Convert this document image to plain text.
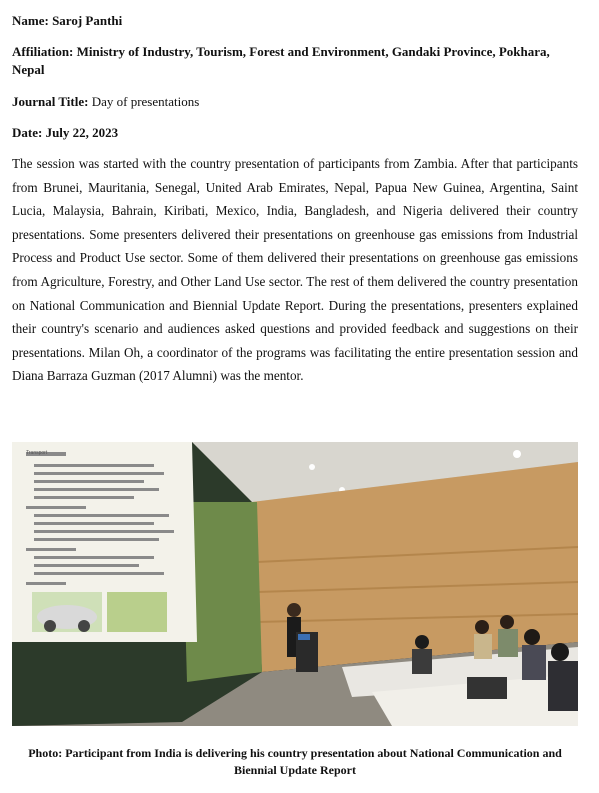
Name: Saroj Panthi
Affiliation: Ministry of Industry, Tourism, Forest and Environment, Gandaki Province, Pokhara, Nepal
Journal Title: Day of presentations
Date: July 22, 2023
The session was started with the country presentation of participants from Zambia. After that participants from Brunei, Mauritania, Senegal, United Arab Emirates, Nepal, Papua New Guinea, Argentina, Saint Lucia, Malaysia, Bahrain, Kiribati, Mexico, India, Bangladesh, and Nigeria delivered their country presentations. Some presenters delivered their presentations on greenhouse gas emissions from Industrial Process and Product Use sector. Some of them delivered their presentations on greenhouse gas emissions from Agriculture, Forestry, and Other Land Use sector. The rest of them delivered the country presentation on National Communication and Biennial Update Report. During the presentations, presenters explained their country's scenario and audiences asked questions and provided feedback and suggestions on their presentations. Milan Oh, a coordinator of the programs was facilitating the entire presentation session and Diana Barraza Guzman (2017 Alumni) was the mentor.
Transport
Photo: Participant from India is delivering his country presentation about National Communication and Biennial Update Report
